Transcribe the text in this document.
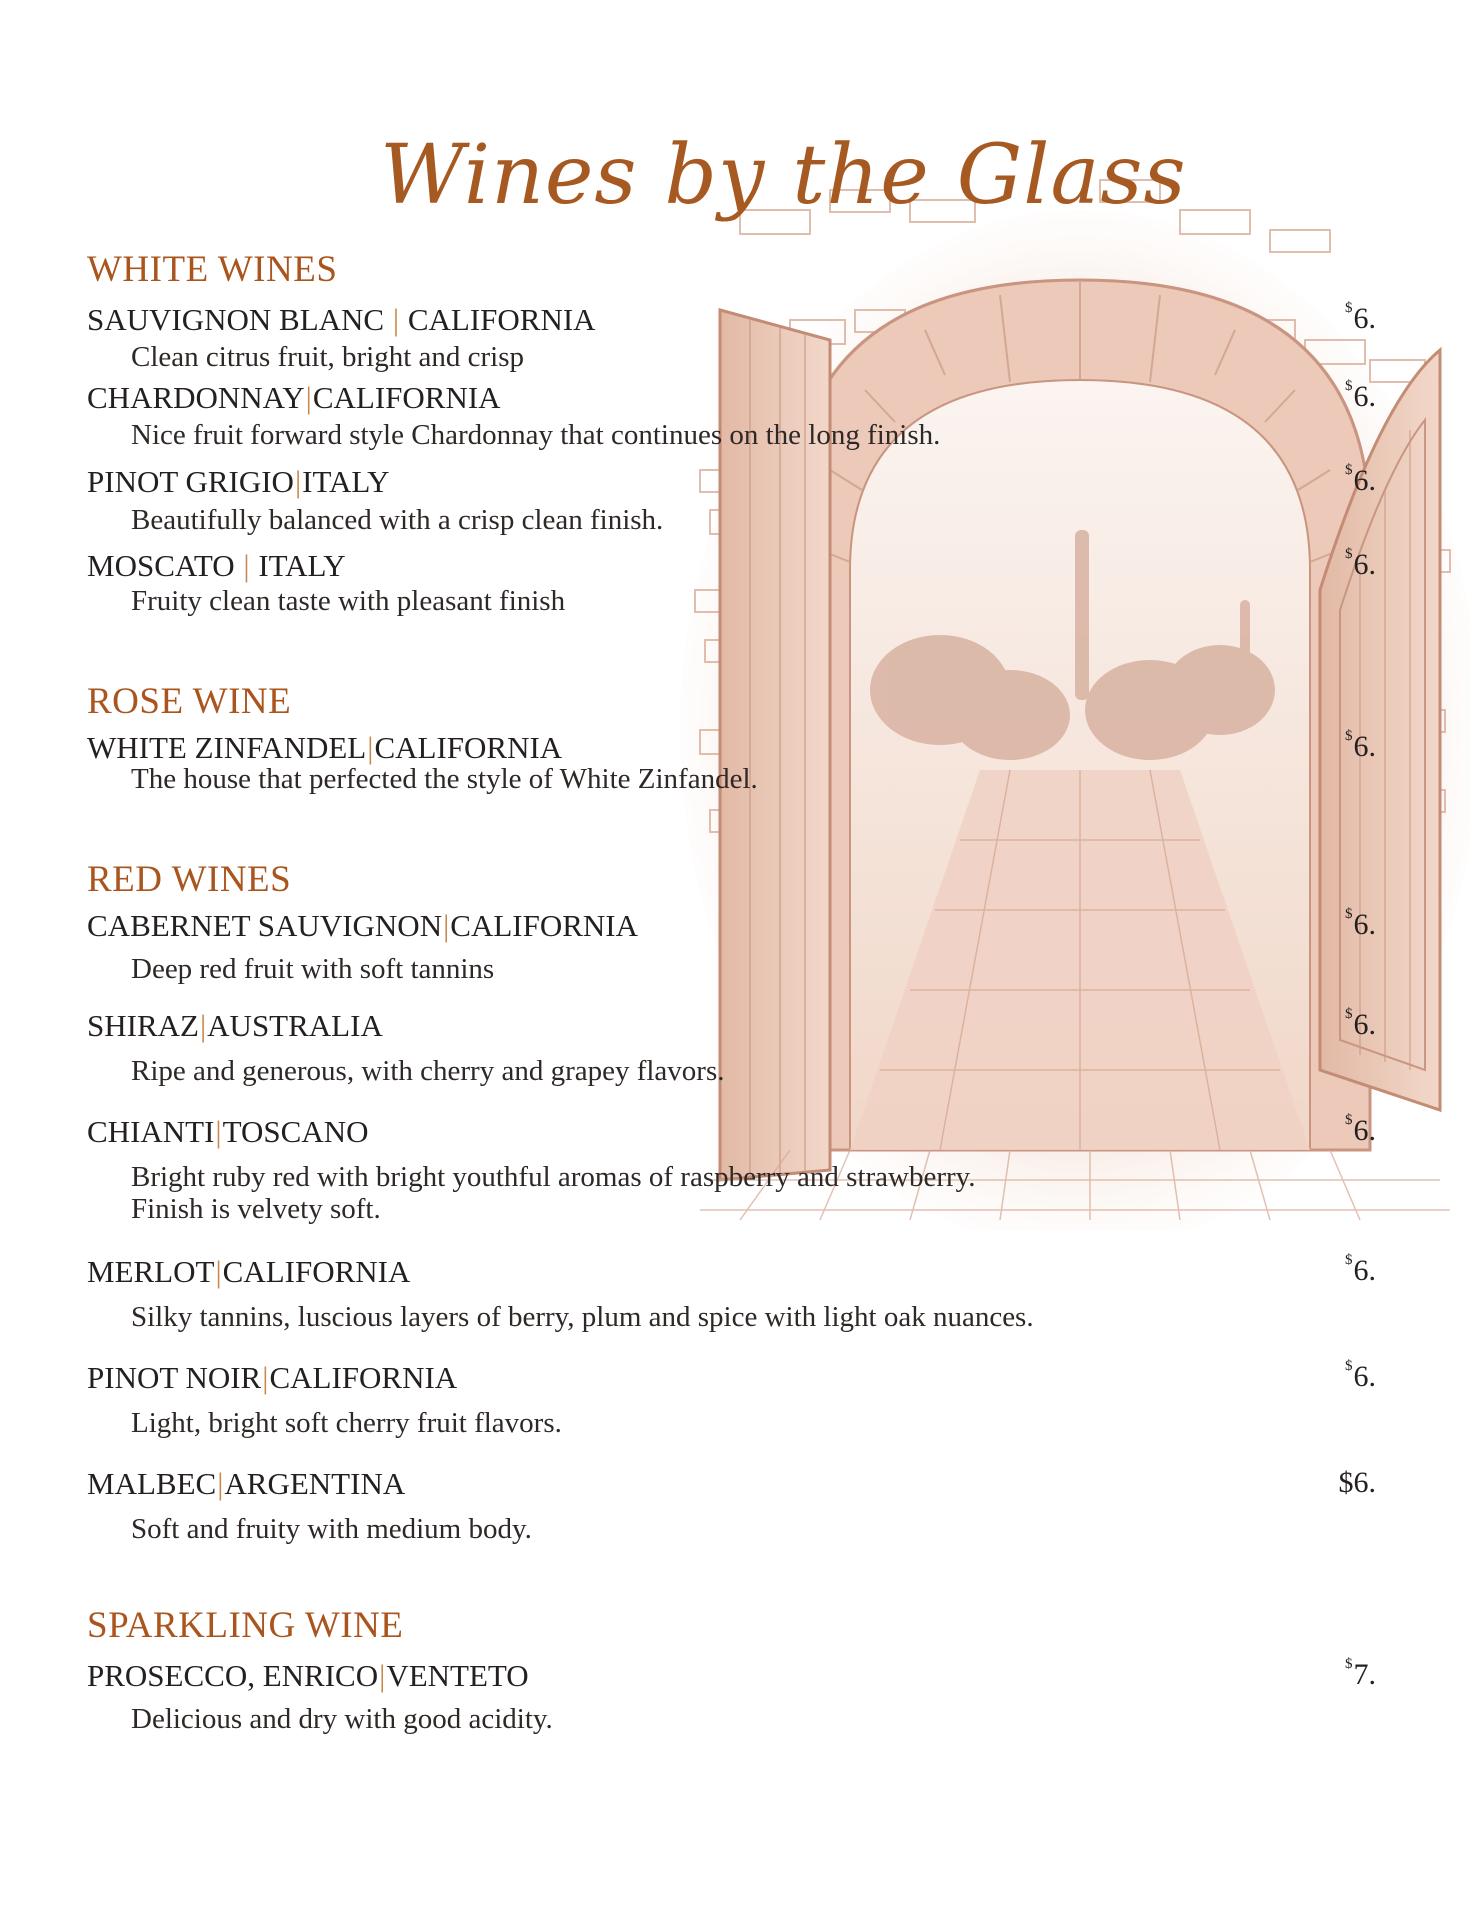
Wines by the Glass
WHITE WINES
SAUVIGNON BLANC | CALIFORNIA	$6.
Clean citrus fruit, bright and crisp
CHARDONNAY|CALIFORNIA	$6.
Nice fruit forward style Chardonnay that continues on the long finish.
PINOT GRIGIO|ITALY	$6.
Beautifully balanced with a crisp clean finish.
MOSCATO | ITALY	$6.
Fruity clean taste with pleasant finish
ROSE WINE
WHITE ZINFANDEL|CALIFORNIA	$6.
The house that perfected the style of White Zinfandel.
RED WINES
CABERNET SAUVIGNON|CALIFORNIA	$6.
Deep red fruit with soft tannins
SHIRAZ|AUSTRALIA	$6.
Ripe and generous, with cherry and grapey flavors.
CHIANTI|TOSCANO	$6.
Bright ruby red with bright youthful aromas of raspberry and strawberry.
Finish is velvety soft.
MERLOT|CALIFORNIA	$6.
Silky tannins, luscious layers of berry, plum and spice with light oak nuances.
PINOT NOIR|CALIFORNIA	$6.
Light, bright soft cherry fruit flavors.
MALBEC|ARGENTINA	$6.
Soft and fruity with medium body.
SPARKLING WINE
PROSECCO, ENRICO|VENTETO	$7.
Delicious and dry with good acidity.
